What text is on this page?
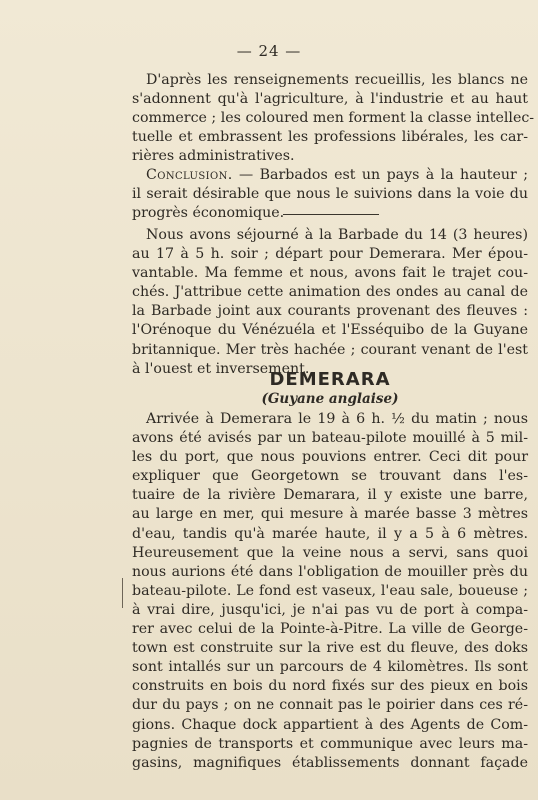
— 24 —
D'après les renseignements recueillis, les blancs ne
s'adonnent qu'à l'agriculture, à l'industrie et au haut
commerce ; les coloured men forment la classe intellec-
tuelle et embrassent les professions libérales, les car-
rières administratives.
Conclusion. — Barbados est un pays à la hauteur ;
il serait désirable que nous le suivions dans la voie du
progrès économique.
Nous avons séjourné à la Barbade du 14 (3 heures)
au 17 à 5 h. soir ; départ pour Demerara. Mer épou-
vantable. Ma femme et nous, avons fait le trajet cou-
chés. J'attribue cette animation des ondes au canal de
la Barbade joint aux courants provenant des fleuves :
l'Orénoque du Vénézuéla et l'Esséquibo de la Guyane
britannique. Mer très hachée ; courant venant de l'est
à l'ouest et inversement.
DEMERARA
(Guyane anglaise)
Arrivée à Demerara le 19 à 6 h. ½ du matin ; nous
avons été avisés par un bateau-pilote mouillé à 5 mil-
les du port, que nous pouvions entrer. Ceci dit pour
expliquer que Georgetown se trouvant dans l'es-
tuaire de la rivière Demarara, il y existe une barre,
au large en mer, qui mesure à marée basse 3 mètres
d'eau, tandis qu'à marée haute, il y a 5 à 6 mètres.
Heureusement que la veine nous a servi, sans quoi
nous aurions été dans l'obligation de mouiller près du
bateau-pilote. Le fond est vaseux, l'eau sale, boueuse ;
à vrai dire, jusqu'ici, je n'ai pas vu de port à compa-
rer avec celui de la Pointe-à-Pitre. La ville de George-
town est construite sur la rive est du fleuve, des doks
sont intallés sur un parcours de 4 kilomètres. Ils sont
construits en bois du nord fixés sur des pieux en bois
dur du pays ; on ne connait pas le poirier dans ces ré-
gions. Chaque dock appartient à des Agents de Com-
pagnies de transports et communique avec leurs ma-
gasins, magnifiques établissements donnant façade
